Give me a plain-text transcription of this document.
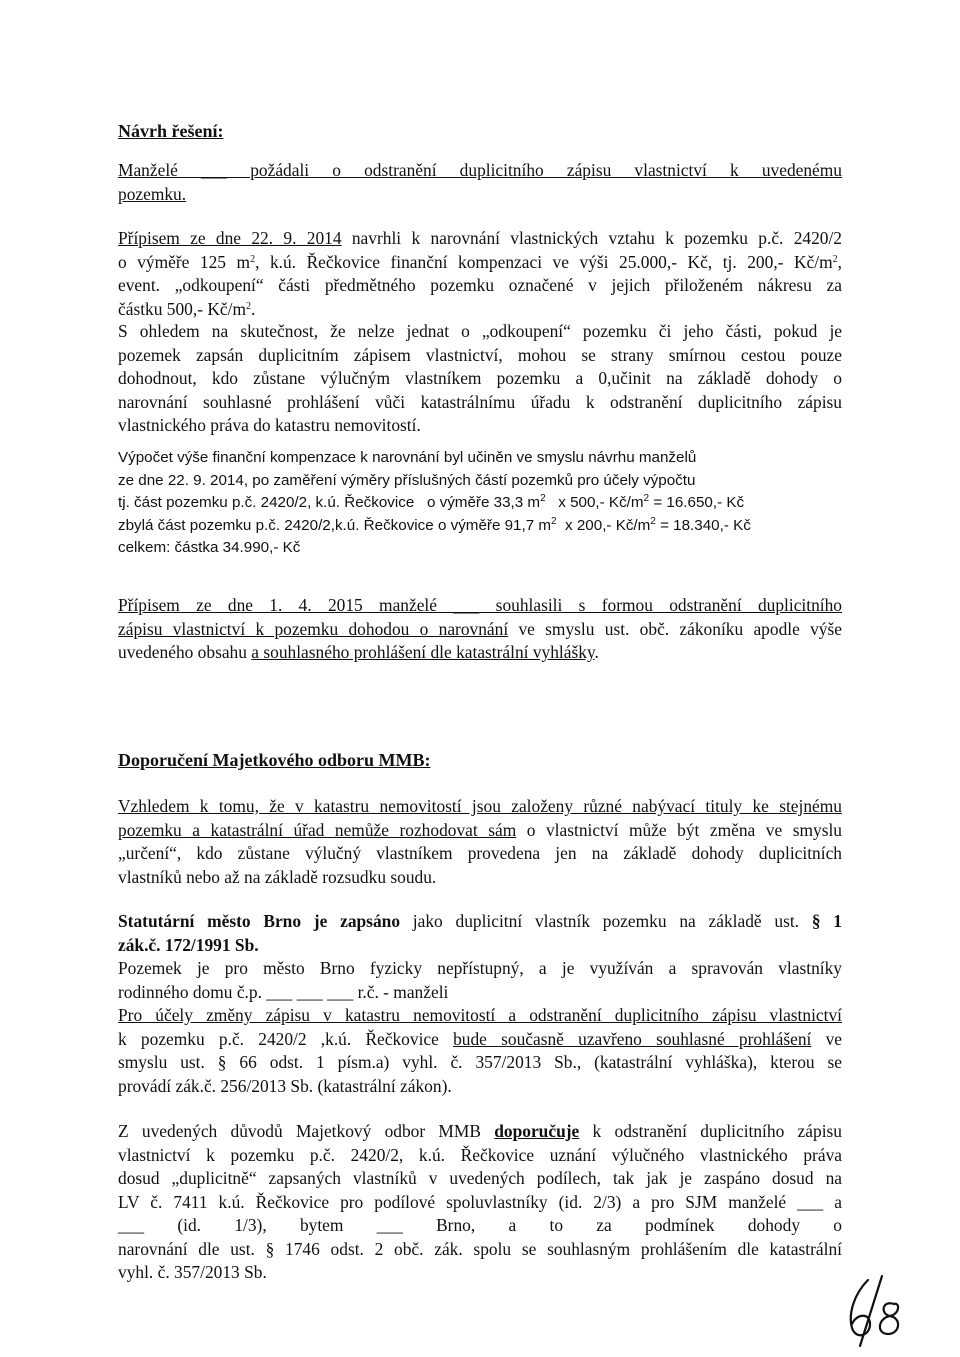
Návrh řešení:
Manželé ___ požádali o odstranění duplicitního zápisu vlastnictví k uvedenému
pozemku.
Přípisem ze dne 22. 9. 2014 navrhli k narovnání vlastnických vztahu k pozemku p.č. 2420/2
o výměře 125 $m^2$, k.ú. Řečkovice finanční kompenzaci ve výši 25.000,- Kč, tj. 200,- $Kč/m^2$,
event. „odkoupení“ části předmětného pozemku označené v jejich přiloženém nákresu za
částku 500,- $Kč/m^2$.
S ohledem na skutečnost, že nelze jednat o „odkoupení“ pozemku či jeho části, pokud je
pozemek zapsán duplicitním zápisem vlastnictví, mohou se strany smírnou cestou pouze
dohodnout, kdo zůstane výlučným vlastníkem pozemku a 0,učinit na základě dohody o
narovnání souhlasné prohlášení vůči katastrálnímu úřadu k odstranění duplicitního zápisu
vlastnického práva do katastru nemovitostí.
Výpočet výše finanční kompenzace k narovnání byl učiněn ve smyslu návrhu manželů
ze dne 22. 9. 2014, po zaměření výměry příslušných částí pozemků pro účely výpočtu
tj. část pozemku p.č. 2420/2, k.ú. Řečkovice   o výměře 33,3 $m^2$   x 500,- $Kč/m^2 = 16.650,-$ Kč
zbylá část pozemku p.č. 2420/2,k.ú. Řečkovice o výměře 91,7 $m^2$  x 200,- $Kč/m^2 = 18.340,-$ Kč
celkem: částka 34.990,- Kč
Přípisem ze dne 1. 4. 2015 manželé ___ souhlasili s formou odstranění duplicitního
zápisu vlastnictví k pozemku dohodou o narovnání ve smyslu ust. obč. zákoníku apodle výše
uvedeného obsahu a souhlasného prohlášení dle katastrální vyhlášky.
Doporučení Majetkového odboru MMB:
Vzhledem k tomu, že v katastru nemovitostí jsou založeny různé nabývací tituly ke stejnému
pozemku a katastrální úřad nemůže rozhodovat sám o vlastnictví může být změna ve smyslu
„určení“, kdo zůstane výlučný vlastníkem provedena jen na základě dohody duplicitních
vlastníků nebo až na základě rozsudku soudu.
Statutární město Brno je zapsáno jako duplicitní vlastník pozemku na základě ust. § 1
zák.č. 172/1991 Sb.
Pozemek je pro město Brno fyzicky nepřístupný, a je využíván a spravován vlastníky
rodinného domu č.p. ___ ___ ___ r.č. - manželi
Pro účely změny zápisu v katastru nemovitostí a odstranění duplicitního zápisu vlastnictví
k pozemku p.č. 2420/2 ,k.ú. Řečkovice bude současně uzavřeno souhlasné prohlášení ve
smyslu ust. § 66 odst. 1 písm.a) vyhl. č. 357/2013 Sb., (katastrální vyhláška), kterou se
provádí zák.č. 256/2013 Sb. (katastrální zákon).
Z uvedených důvodů Majetkový odbor MMB doporučuje k odstranění duplicitního zápisu
vlastnictví k pozemku p.č. 2420/2, k.ú. Řečkovice uznání výlučného vlastnického práva
dosud „duplicitně“ zapsaných vlastníků v uvedených podílech, tak jak je zaspáno dosud na
LV č. 7411 k.ú. Řečkovice pro podílové spoluvlastníky (id. 2/3) a pro SJM manželé ___ a
___ (id. 1/3), bytem ___ Brno, a to za podmínek dohody o
narovnání dle ust. § 1746 odst. 2 obč. zák. spolu se souhlasným prohlášením dle katastrální
vyhl. č. 357/2013 Sb.
